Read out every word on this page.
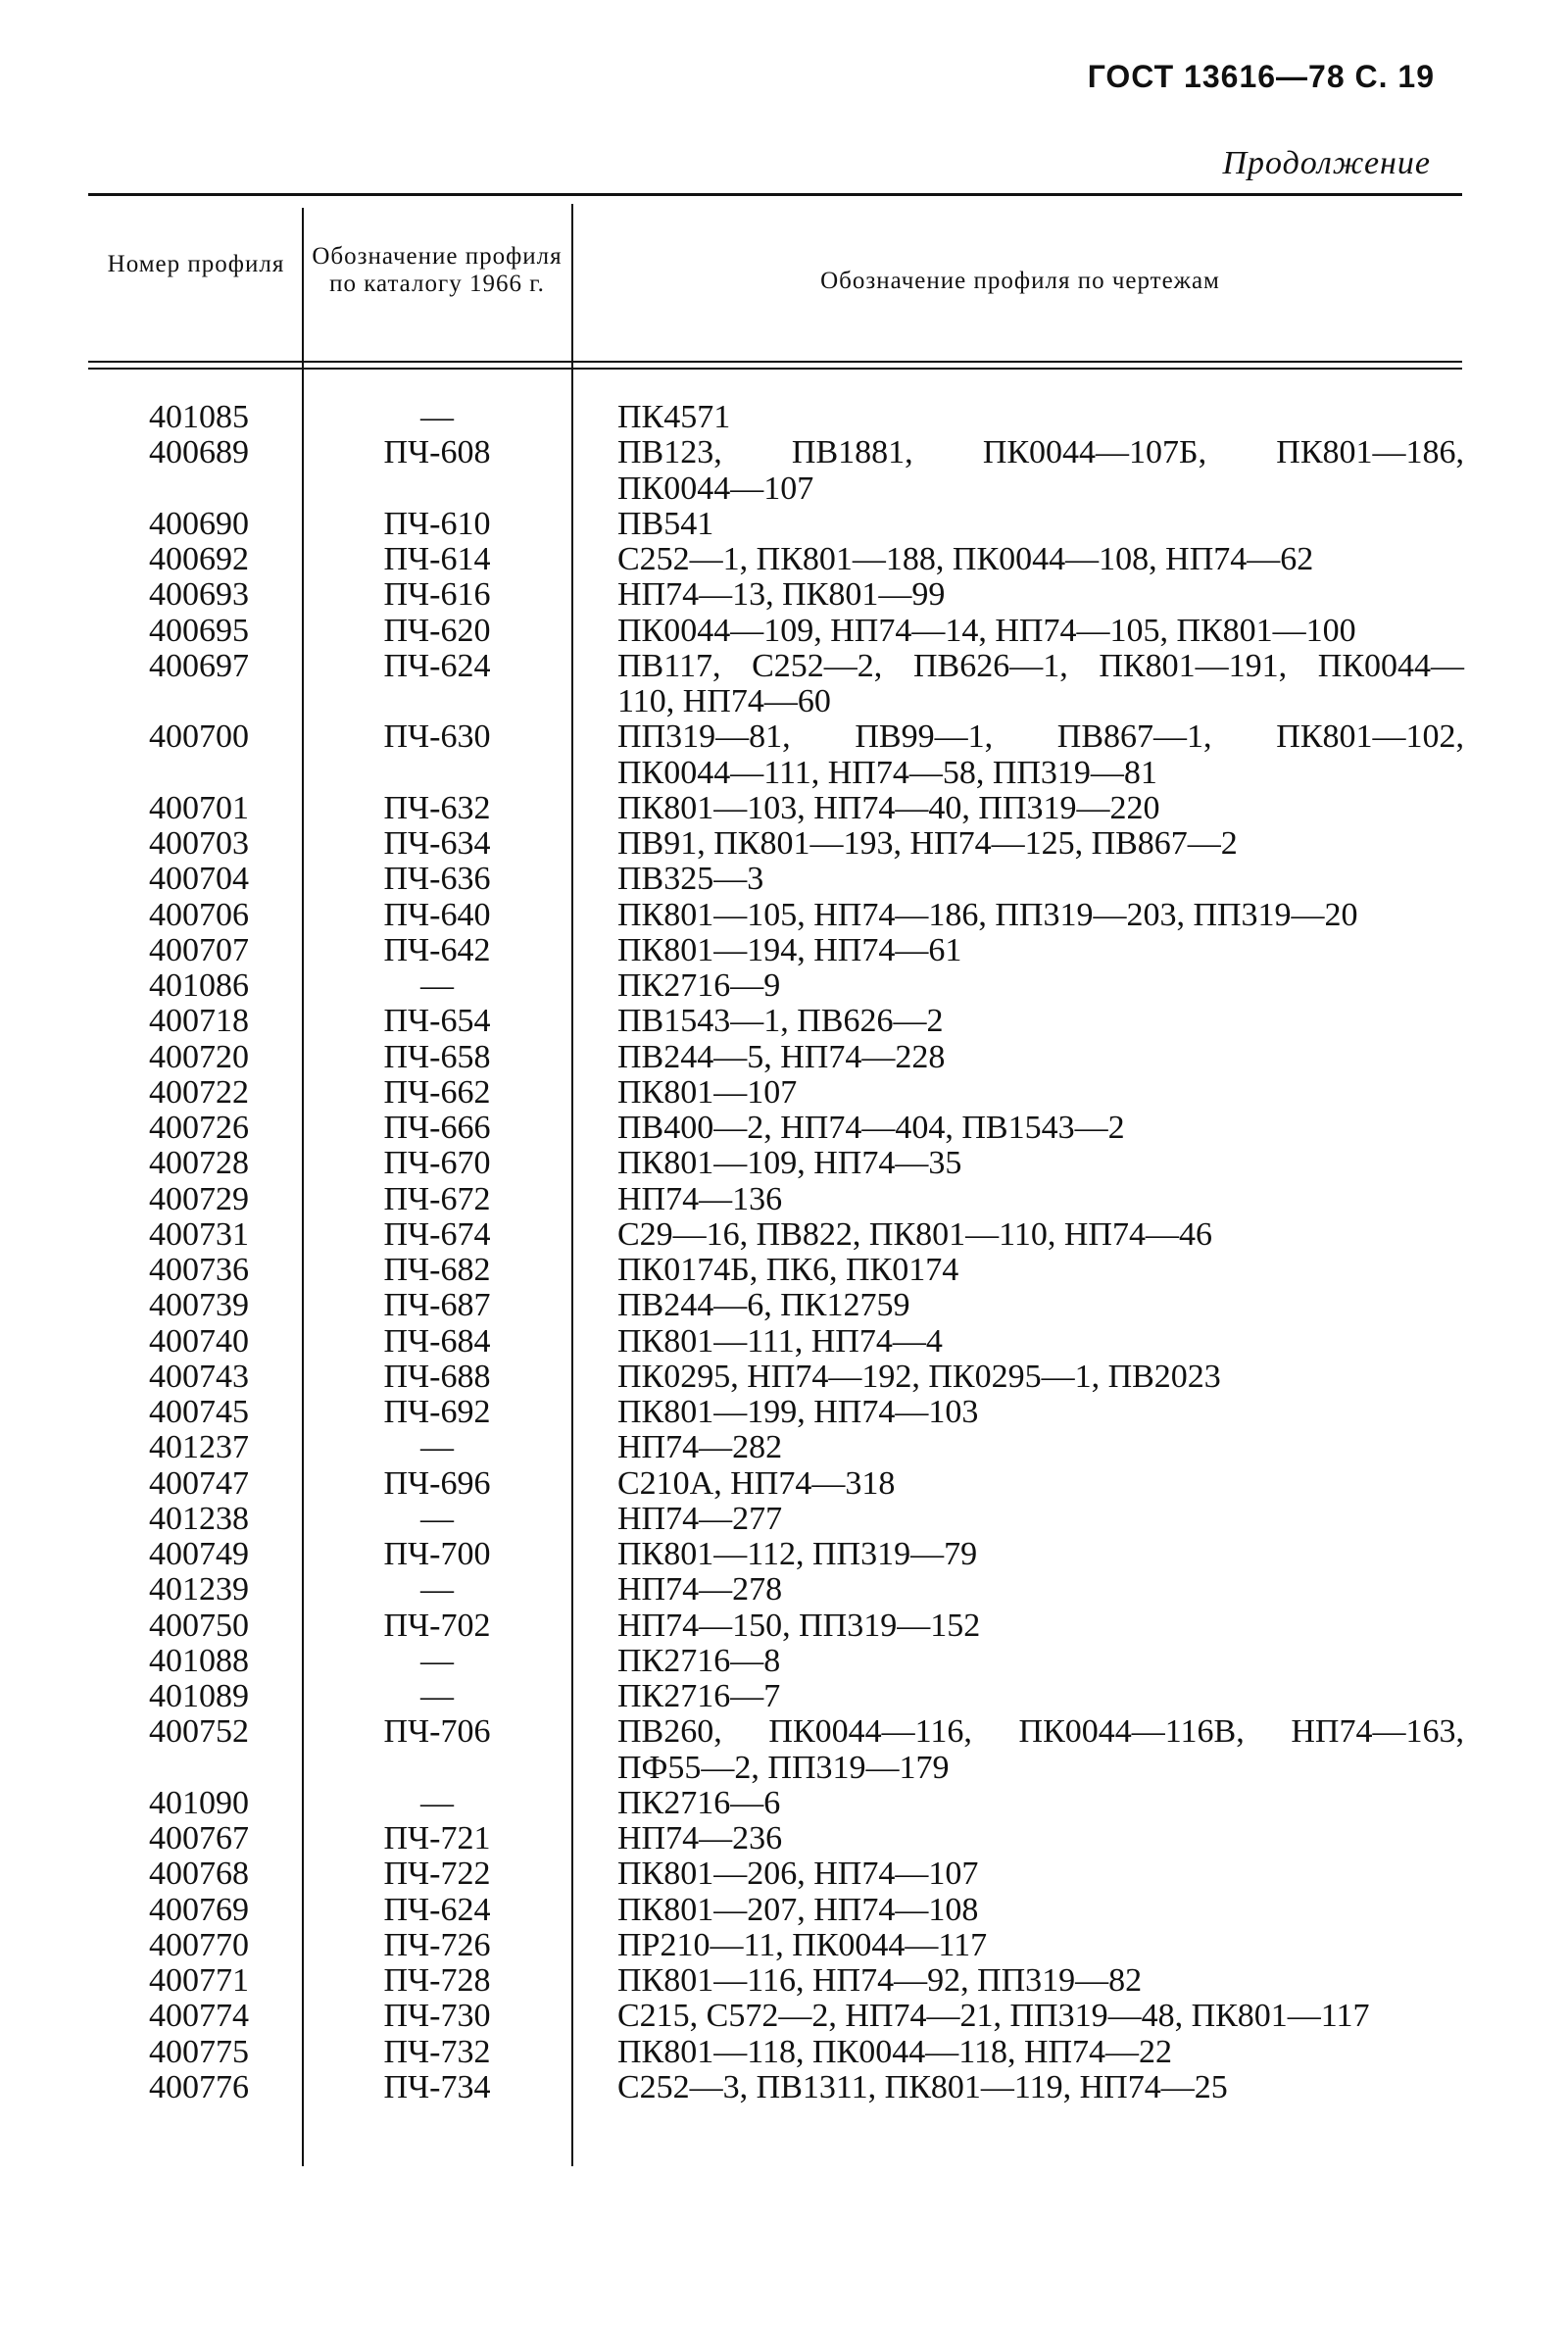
ГОСТ 13616—78 С. 19
Продолжение
Номер профиля	Обозначение профиля по каталогу 1966 г.	Обозначение профиля по чертежам
401085	—	ПК4571
400689	ПЧ-608	ПВ123, ПВ1881, ПК0044—107Б, ПК801—186,
ПК0044—107
400690	ПЧ-610	ПВ541
400692	ПЧ-614	С252—1, ПК801—188, ПК0044—108, НП74—62
400693	ПЧ-616	НП74—13, ПК801—99
400695	ПЧ-620	ПК0044—109, НП74—14, НП74—105, ПК801—100
400697	ПЧ-624	ПВ117, С252—2, ПВ626—1, ПК801—191, ПК0044—
110, НП74—60
400700	ПЧ-630	ПП319—81, ПВ99—1, ПВ867—1, ПК801—102,
ПК0044—111, НП74—58, ПП319—81
400701	ПЧ-632	ПК801—103, НП74—40, ПП319—220
400703	ПЧ-634	ПВ91, ПК801—193, НП74—125, ПВ867—2
400704	ПЧ-636	ПВ325—3
400706	ПЧ-640	ПК801—105, НП74—186, ПП319—203, ПП319—20
400707	ПЧ-642	ПК801—194, НП74—61
401086	—	ПК2716—9
400718	ПЧ-654	ПВ1543—1, ПВ626—2
400720	ПЧ-658	ПВ244—5, НП74—228
400722	ПЧ-662	ПК801—107
400726	ПЧ-666	ПВ400—2, НП74—404, ПВ1543—2
400728	ПЧ-670	ПК801—109, НП74—35
400729	ПЧ-672	НП74—136
400731	ПЧ-674	С29—16, ПВ822, ПК801—110, НП74—46
400736	ПЧ-682	ПК0174Б, ПК6, ПК0174
400739	ПЧ-687	ПВ244—6, ПК12759
400740	ПЧ-684	ПК801—111, НП74—4
400743	ПЧ-688	ПК0295, НП74—192, ПК0295—1, ПВ2023
400745	ПЧ-692	ПК801—199, НП74—103
401237	—	НП74—282
400747	ПЧ-696	С210А, НП74—318
401238	—	НП74—277
400749	ПЧ-700	ПК801—112, ПП319—79
401239	—	НП74—278
400750	ПЧ-702	НП74—150, ПП319—152
401088	—	ПК2716—8
401089	—	ПК2716—7
400752	ПЧ-706	ПВ260, ПК0044—116, ПК0044—116В, НП74—163,
ПФ55—2, ПП319—179
401090	—	ПК2716—6
400767	ПЧ-721	НП74—236
400768	ПЧ-722	ПК801—206, НП74—107
400769	ПЧ-624	ПК801—207, НП74—108
400770	ПЧ-726	ПР210—11, ПК0044—117
400771	ПЧ-728	ПК801—116, НП74—92, ПП319—82
400774	ПЧ-730	С215, С572—2, НП74—21, ПП319—48, ПК801—117
400775	ПЧ-732	ПК801—118, ПК0044—118, НП74—22
400776	ПЧ-734	С252—3, ПВ1311, ПК801—119, НП74—25
